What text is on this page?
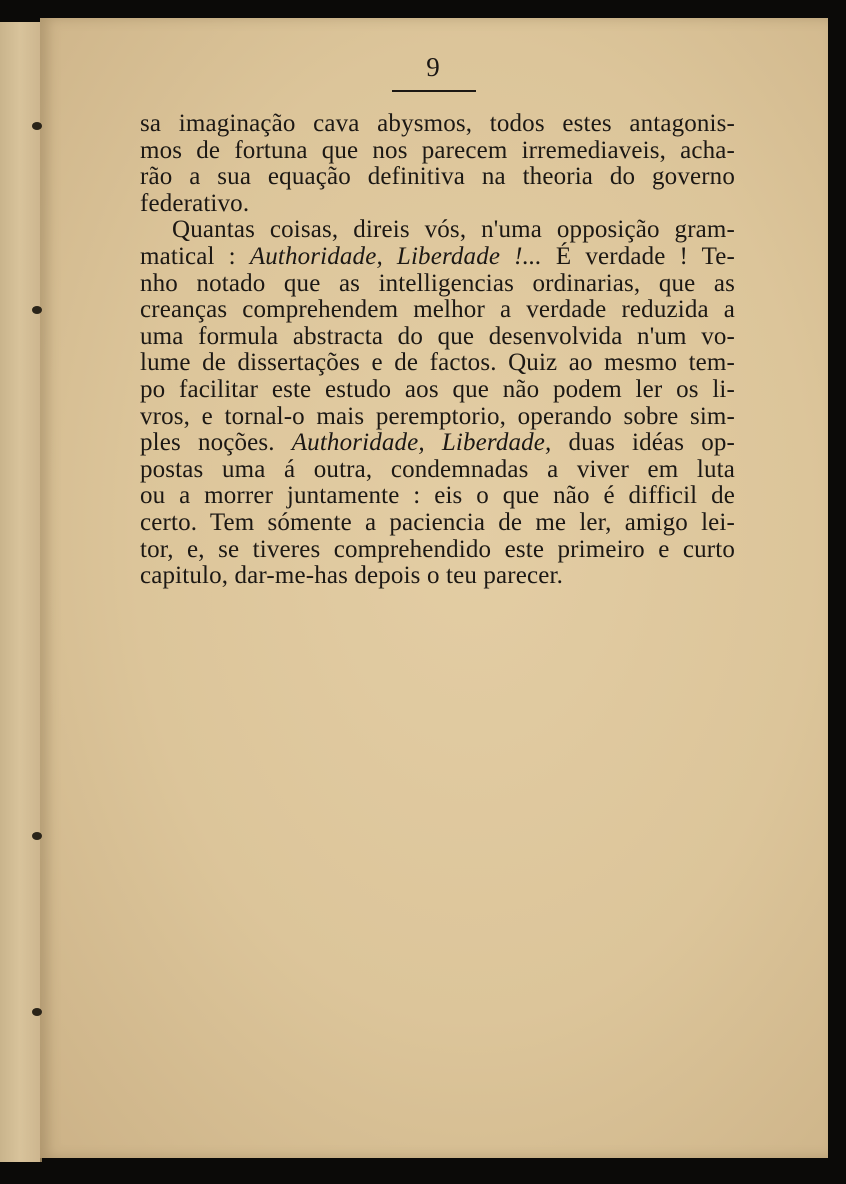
9
sa imaginação cava abysmos, todos estes antagonis-
mos de fortuna que nos parecem irremediaveis, acha-
rão a sua equação definitiva na theoria do governo
federativo.
Quantas coisas, direis vós, n'uma opposição gram-
matical : Authoridade, Liberdade !... É verdade ! Te-
nho notado que as intelligencias ordinarias, que as
creanças comprehendem melhor a verdade reduzida a
uma formula abstracta do que desenvolvida n'um vo-
lume de dissertações e de factos. Quiz ao mesmo tem-
po facilitar este estudo aos que não podem ler os li-
vros, e tornal-o mais peremptorio, operando sobre sim-
ples noções. Authoridade, Liberdade, duas idéas op-
postas uma á outra, condemnadas a viver em luta
ou a morrer juntamente : eis o que não é difficil de
certo. Tem sómente a paciencia de me ler, amigo lei-
tor, e, se tiveres comprehendido este primeiro e curto
capitulo, dar-me-has depois o teu parecer.
